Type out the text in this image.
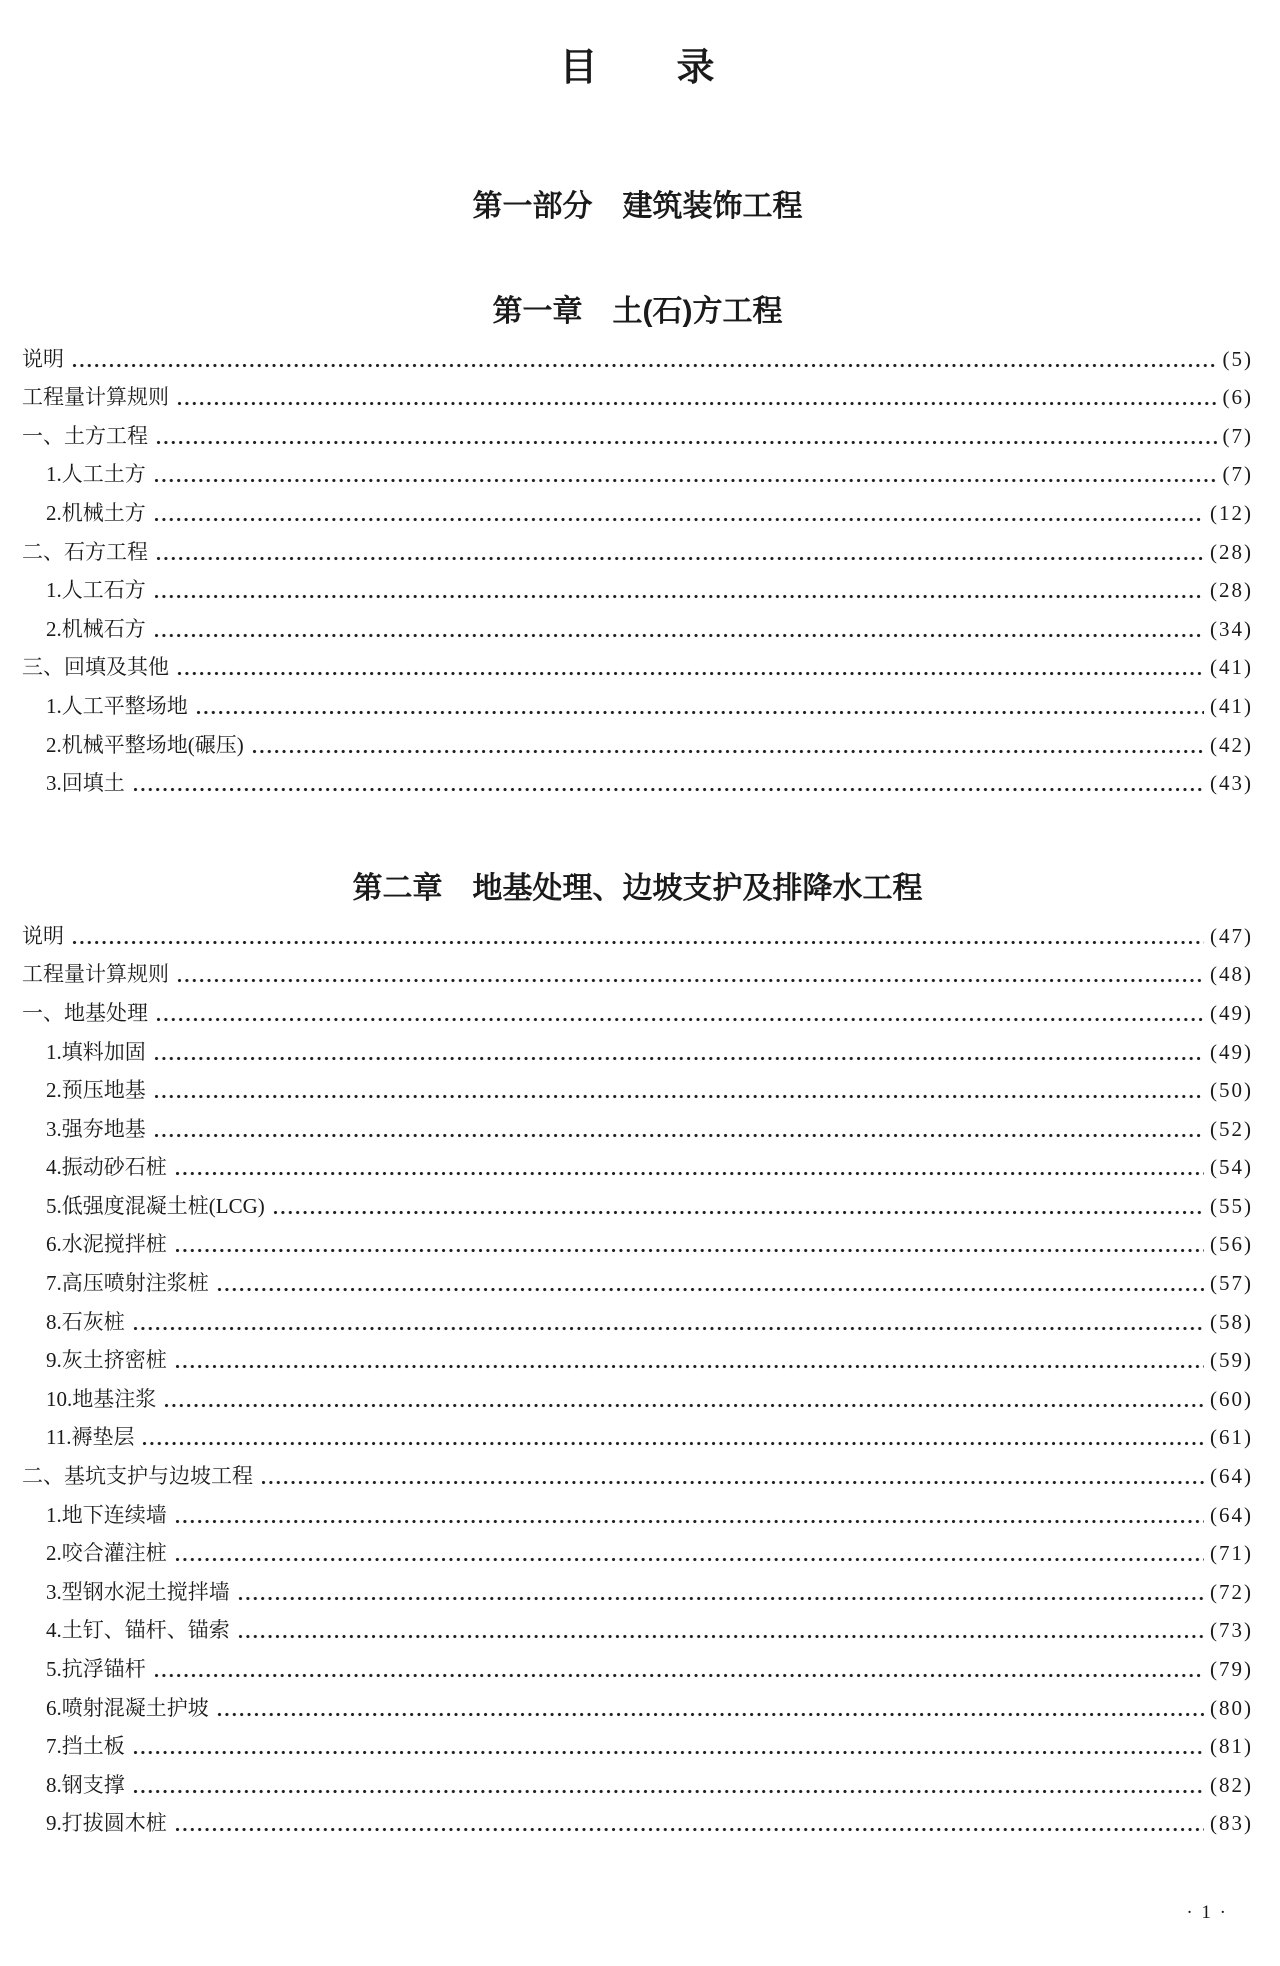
目　　录
第一部分　建筑装饰工程
第一章　土(石)方工程
说明	(5)
工程量计算规则	(6)
一、土方工程	(7)
1.人工土方	(7)
2.机械土方	(12)
二、石方工程	(28)
1.人工石方	(28)
2.机械石方	(34)
三、回填及其他	(41)
1.人工平整场地	(41)
2.机械平整场地(碾压)	(42)
3.回填土	(43)
第二章　地基处理、边坡支护及排降水工程
说明	(47)
工程量计算规则	(48)
一、地基处理	(49)
1.填料加固	(49)
2.预压地基	(50)
3.强夯地基	(52)
4.振动砂石桩	(54)
5.低强度混凝土桩(LCG)	(55)
6.水泥搅拌桩	(56)
7.高压喷射注浆桩	(57)
8.石灰桩	(58)
9.灰土挤密桩	(59)
10.地基注浆	(60)
11.褥垫层	(61)
二、基坑支护与边坡工程	(64)
1.地下连续墙	(64)
2.咬合灌注桩	(71)
3.型钢水泥土搅拌墙	(72)
4.土钉、锚杆、锚索	(73)
5.抗浮锚杆	(79)
6.喷射混凝土护坡	(80)
7.挡土板	(81)
8.钢支撑	(82)
9.打拔圆木桩	(83)
· 1 ·
